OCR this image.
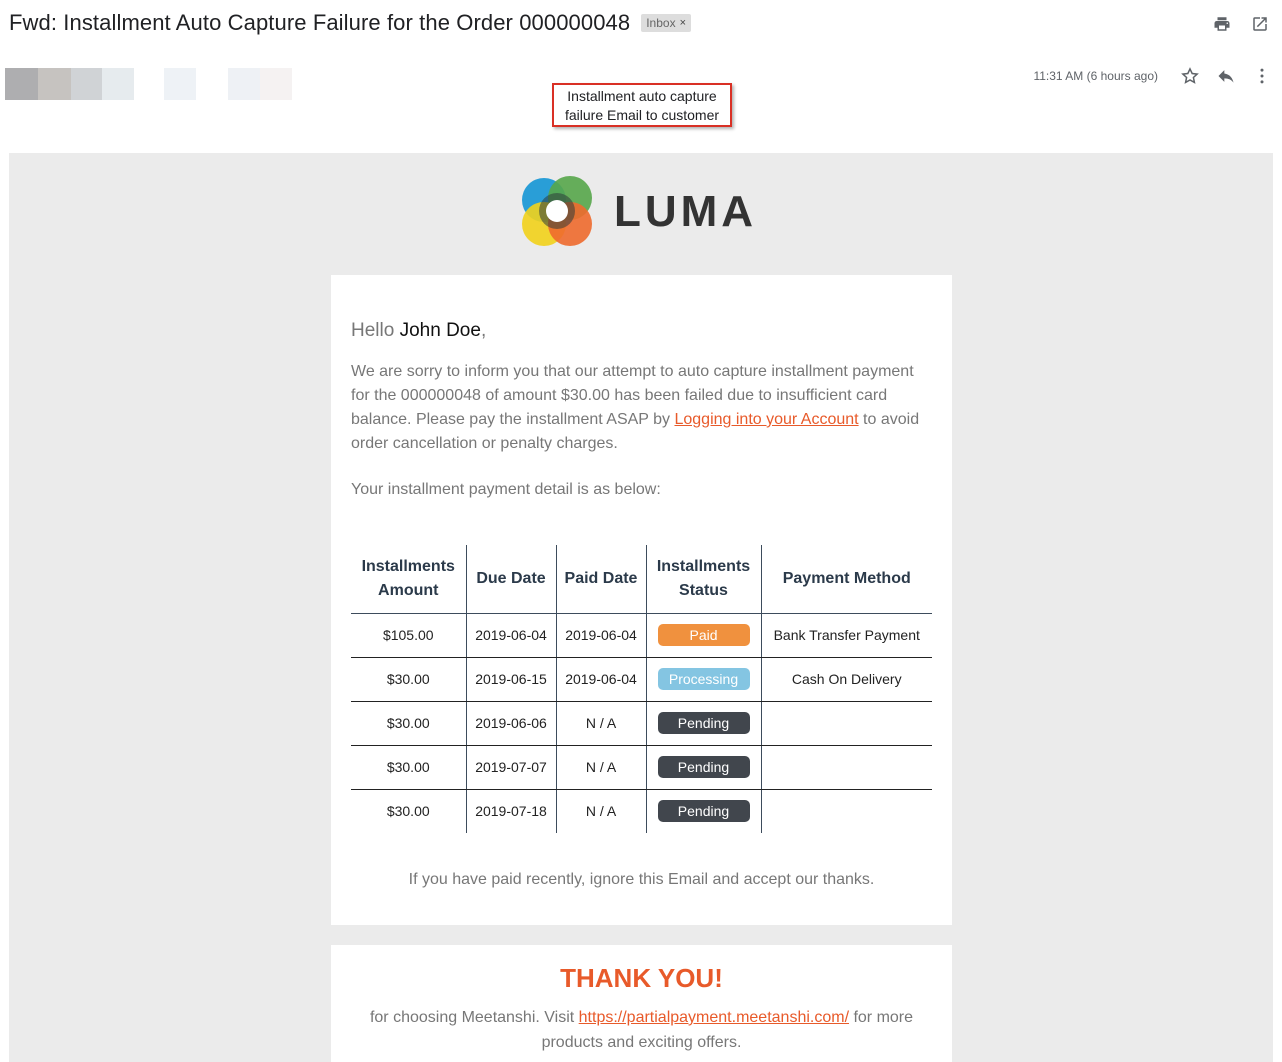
Fwd: Installment Auto Capture Failure for the Order 000000048 Inbox ×
11:31 AM (6 hours ago)
Installment auto capture
failure Email to customer
LUMA
Hello John Doe,
We are sorry to inform you that our attempt to auto capture installment payment for the 000000048 of amount $30.00 has been failed due to insufficient card balance. Please pay the installment ASAP by Logging into your Account to avoid order cancellation or penalty charges.
Your installment payment detail is as below:
Installments Amount	Due Date	Paid Date	Installments Status	Payment Method
$105.00	2019-06-04	2019-06-04	Paid	Bank Transfer Payment
$30.00	2019-06-15	2019-06-04	Processing	Cash On Delivery
$30.00	2019-06-06	N / A	Pending	
$30.00	2019-07-07	N / A	Pending	
$30.00	2019-07-18	N / A	Pending	
If you have paid recently, ignore this Email and accept our thanks.
THANK YOU!
for choosing Meetanshi. Visit https://partialpayment.meetanshi.com/ for more products and exciting offers.
